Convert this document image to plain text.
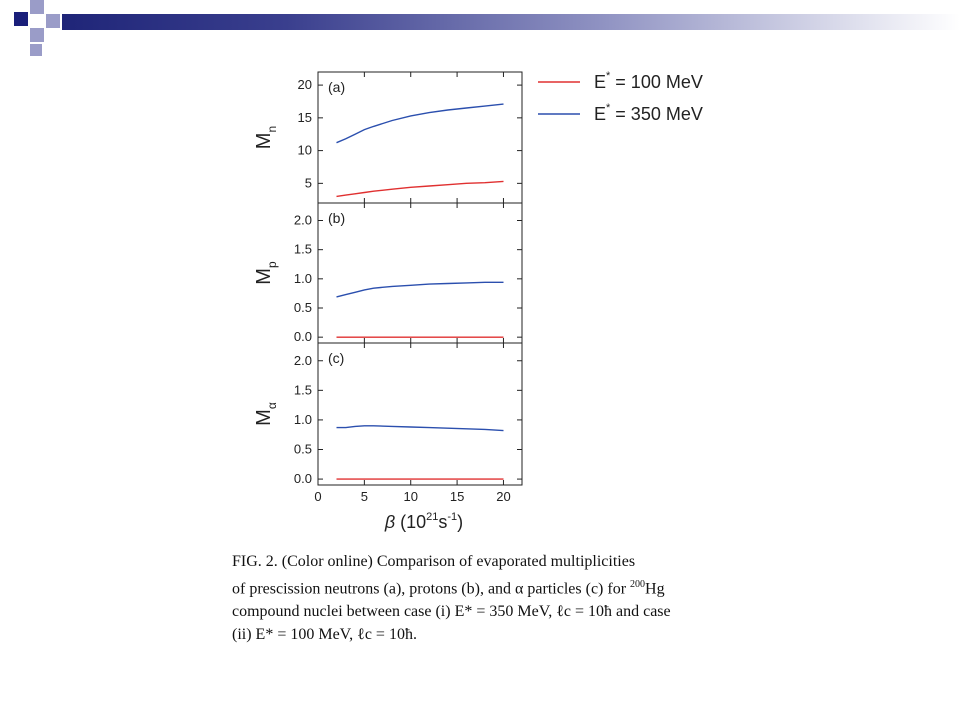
5
10
15
20 (a)
$M_n$
0.0
0.5
1.0
1.5
2.0 (b)
$M_p$
0.0
0.5
1.0
1.5
2.0 (c)
$M_\alpha$
0	5	10 15 20
β $(10^{21}s^{-1})$
E* = 100 MeV
E* = 350 MeV
FIG. 2. (Color online) Comparison of evaporated multiplicities
of prescission neutrons (a), protons (b), and α particles (c) for $^{200}$Hg
compound nuclei between case (i) E* = 350 MeV, ℓc = 10ħ and case
(ii) E* = 100 MeV, ℓc = 10ħ.
